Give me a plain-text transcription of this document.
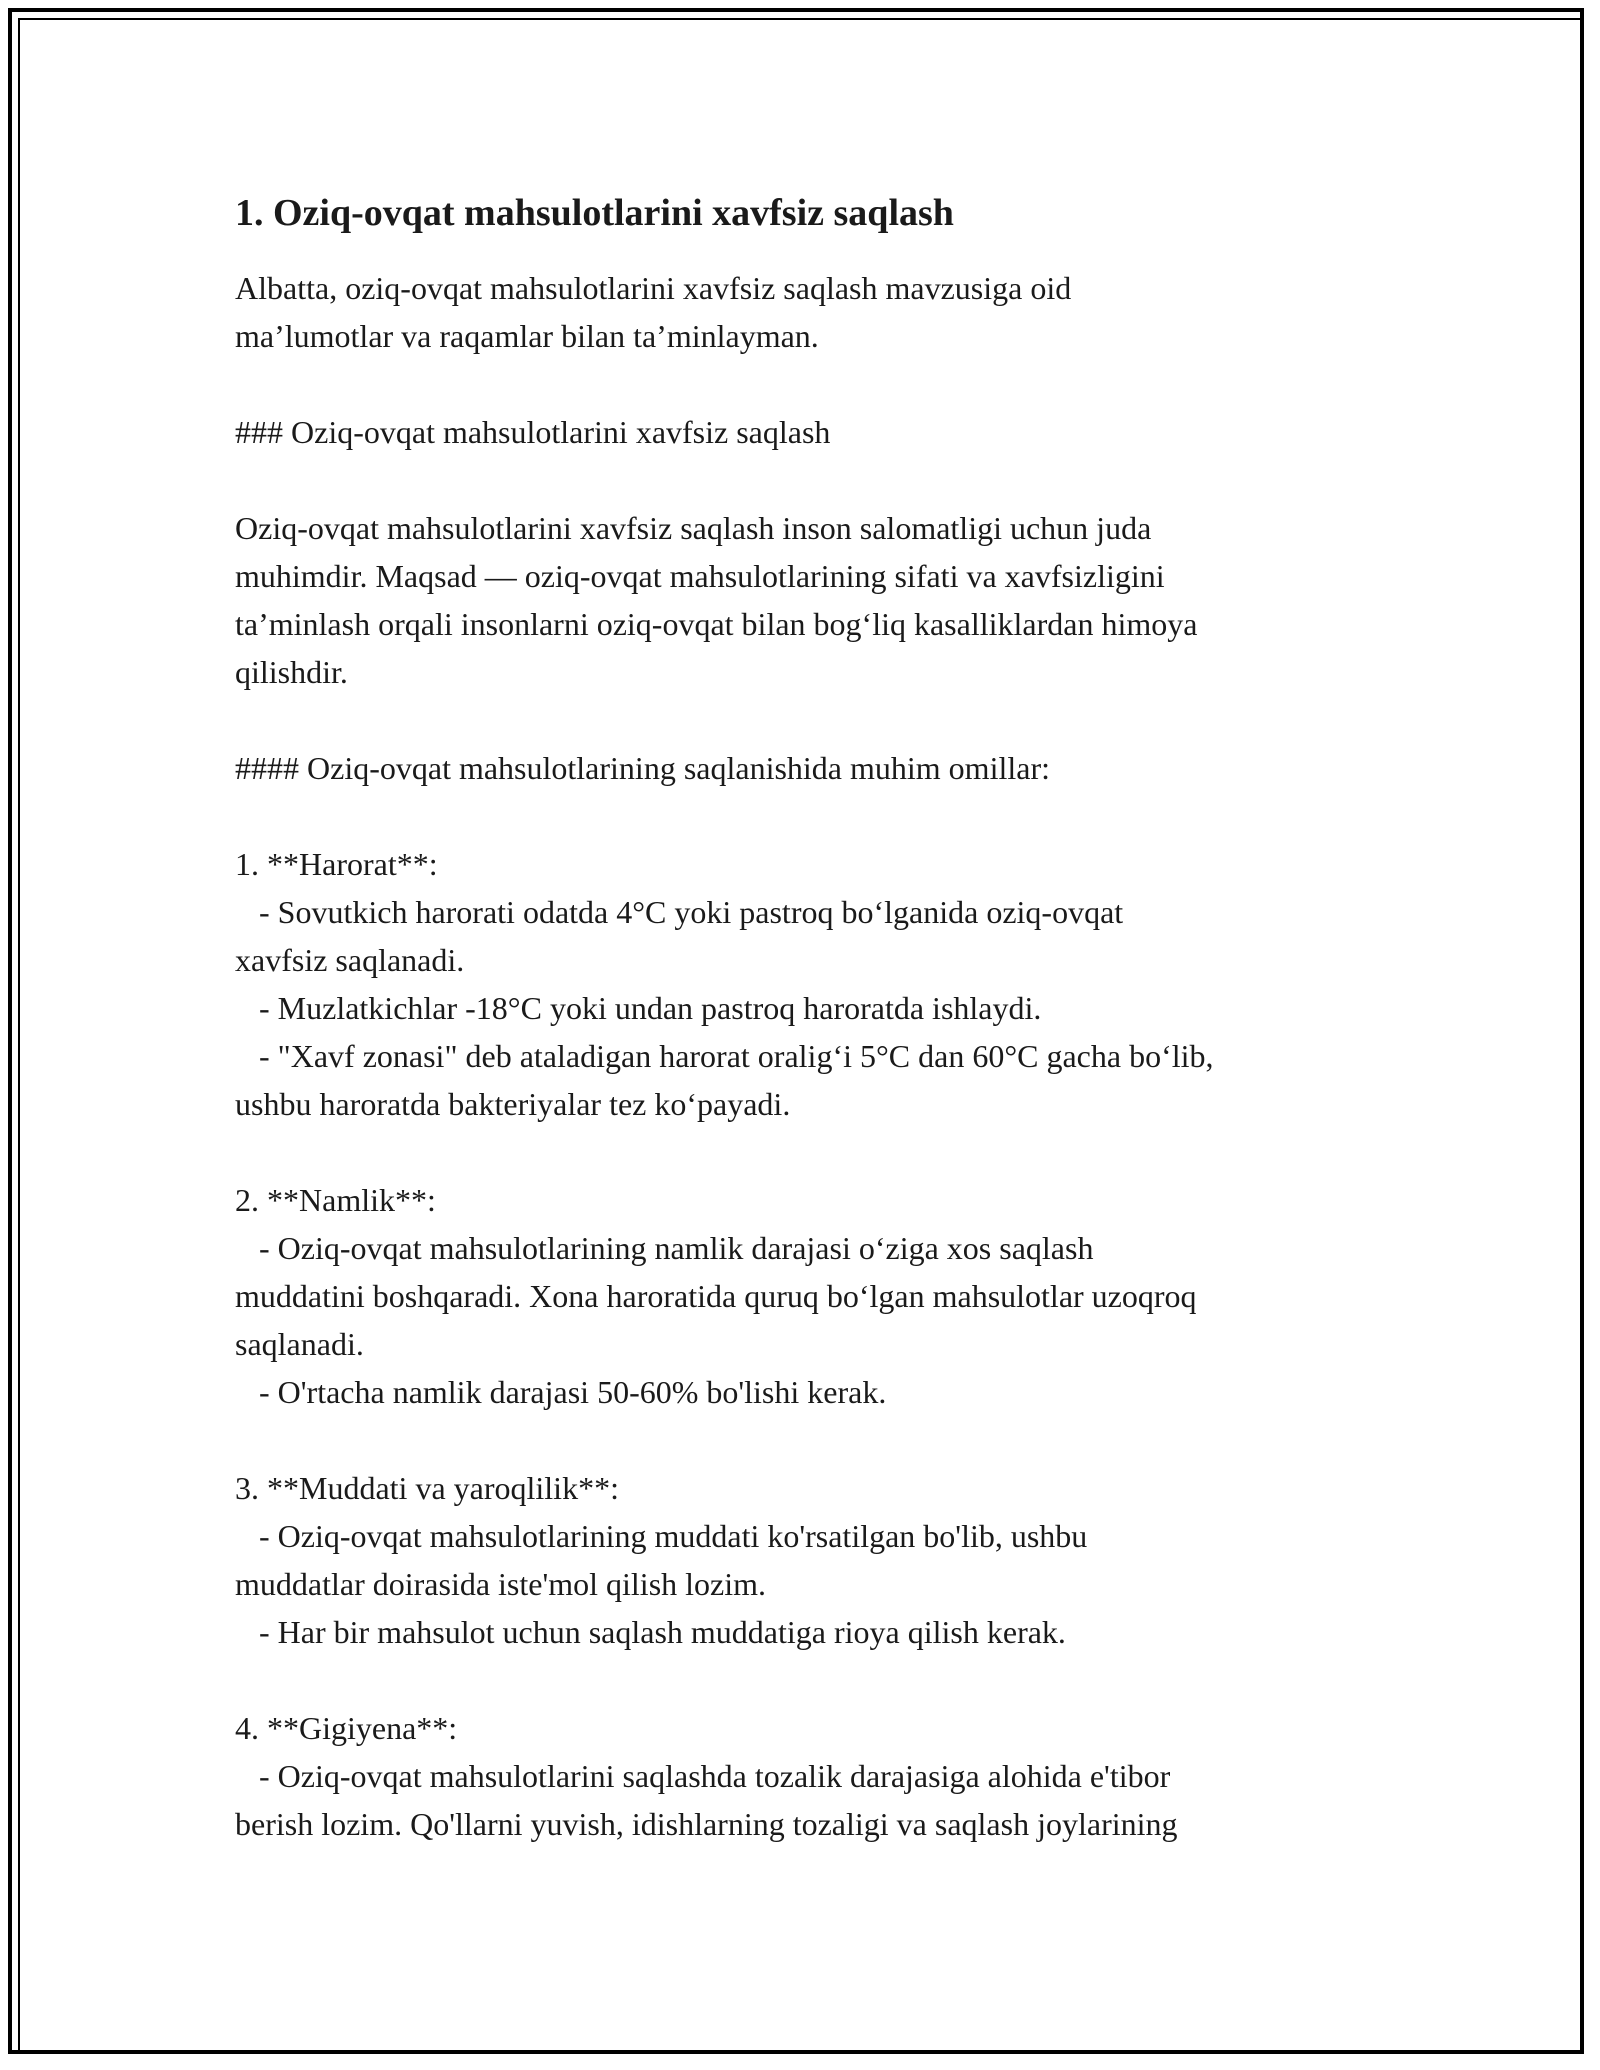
1. Oziq-ovqat mahsulotlarini xavfsiz saqlash

Albatta, oziq-ovqat mahsulotlarini xavfsiz saqlash mavzusiga oid
ma’lumotlar va raqamlar bilan ta’minlayman.

### Oziq-ovqat mahsulotlarini xavfsiz saqlash

Oziq-ovqat mahsulotlarini xavfsiz saqlash inson salomatligi uchun juda
muhimdir. Maqsad — oziq-ovqat mahsulotlarining sifati va xavfsizligini
ta’minlash orqali insonlarni oziq-ovqat bilan bog‘liq kasalliklardan himoya
qilishdir.

#### Oziq-ovqat mahsulotlarining saqlanishida muhim omillar:

1. **Harorat**:
- Sovutkich harorati odatda 4°C yoki pastroq bo‘lganida oziq-ovqat
xavfsiz saqlanadi.
- Muzlatkichlar -18°C yoki undan pastroq haroratda ishlaydi.
- "Xavf zonasi" deb ataladigan harorat oralig‘i 5°C dan 60°C gacha bo‘lib,
ushbu haroratda bakteriyalar tez ko‘payadi.

2. **Namlik**:
- Oziq-ovqat mahsulotlarining namlik darajasi o‘ziga xos saqlash
muddatini boshqaradi. Xona haroratida quruq bo‘lgan mahsulotlar uzoqroq
saqlanadi.
- O'rtacha namlik darajasi 50-60% bo'lishi kerak.

3. **Muddati va yaroqlilik**:
- Oziq-ovqat mahsulotlarining muddati ko'rsatilgan bo'lib, ushbu
muddatlar doirasida iste'mol qilish lozim.
- Har bir mahsulot uchun saqlash muddatiga rioya qilish kerak.

4. **Gigiyena**:
- Oziq-ovqat mahsulotlarini saqlashda tozalik darajasiga alohida e'tibor
berish lozim. Qo'llarni yuvish, idishlarning tozaligi va saqlash joylarining
